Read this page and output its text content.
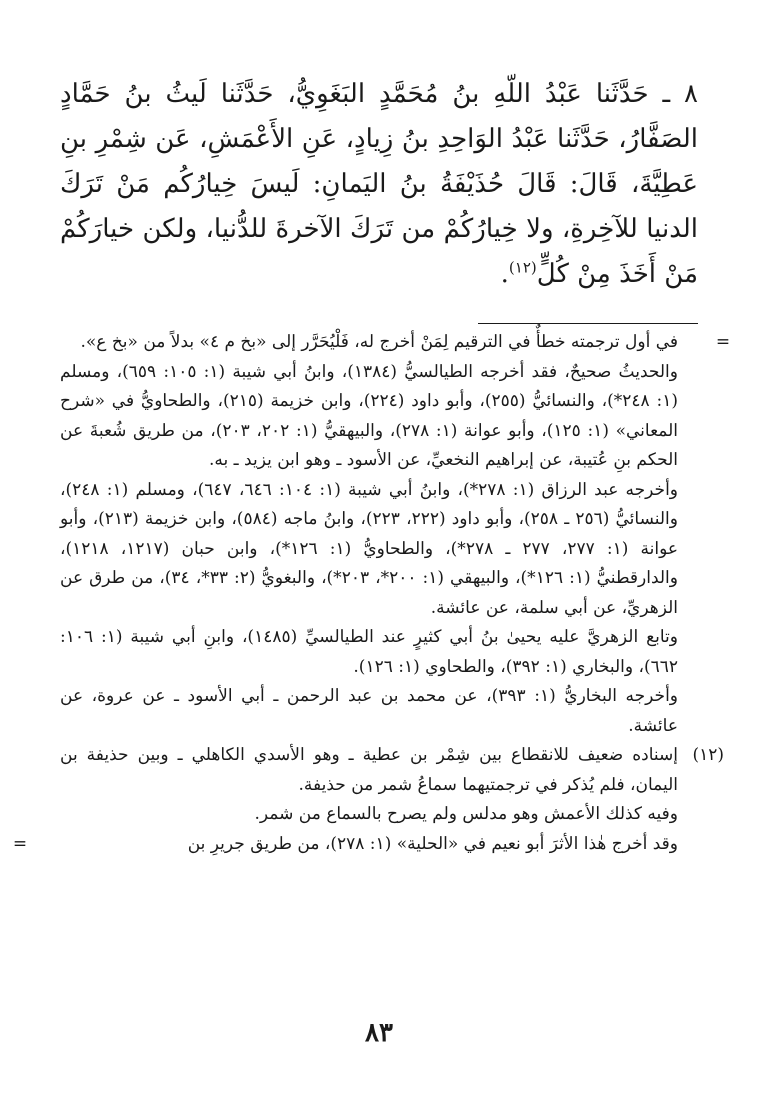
٨ ـ حَدَّثَنا عَبْدُ اللّهِ بنُ مُحَمَّدٍ البَغَوِيُّ، حَدَّثَنا لَيثُ بنُ حَمَّادٍ الصَفَّارُ، حَدَّثَنا عَبْدُ الوَاحِدِ بنُ زِيادٍ، عَنِ الأَعْمَشِ، عَن شِمْرِ بنِ عَطِيَّةَ، قَالَ: قَالَ حُذَيْفَةُ بنُ اليَمانِ: لَيسَ خِيارُكُم مَنْ تَرَكَ الدنيا للآخِرةِ، ولا خِيارُكُمْ من تَرَكَ الآخرةَ للدُّنيا، ولكن خيارَكُمْ مَنْ أَخَذَ مِنْ كُلٍّ$^{(١٢)}$.

=
في أول ترجمته خطأٌ في الترقيم لِمَنْ أخرج له، فَلْيُحَرَّر إلى «بخ م ٤» بدلاً من «بخ ع».

والحديثُ صحيحٌ، فقد أخرجه الطيالسيُّ (١٣٨٤)، وابنُ أبي شيبة (١: ١٠٥: ٦٥٩)، ومسلم (١: ٢٤٨*)، والنسائيُّ (٢٥٥)، وأبو داود (٢٢٤)، وابن خزيمة (٢١٥)، والطحاويُّ في «شرح المعاني» (١: ١٢٥)، وأبو عوانة (١: ٢٧٨)، والبيهقيُّ (١: ٢٠٢، ٢٠٣)، من طريق شُعبةَ عن الحكم بنِ عُتيبة، عن إبراهيم النخعيِّ، عن الأسود ـ وهو ابن يزيد ـ به.

وأخرجه عبد الرزاق (١: ٢٧٨*)، وابنُ أبي شيبة (١: ١٠٤: ٦٤٦، ٦٤٧)، ومسلم (١: ٢٤٨)، والنسائيُّ (٢٥٦ ـ ٢٥٨)، وأبو داود (٢٢٢، ٢٢٣)، وابنُ ماجه (٥٨٤)، وابن خزيمة (٢١٣)، وأبو عوانة (١: ٢٧٧، ٢٧٧ ـ ٢٧٨*)، والطحاويُّ (١: ١٢٦*)، وابن حبان (١٢١٧، ١٢١٨)، والدارقطنيُّ (١: ١٢٦*)، والبيهقي (١: ٢٠٠*، ٢٠٣*)، والبغويُّ (٢: ٣٣*، ٣٤)، من طرق عن الزهريِّ، عن أبي سلمة، عن عائشة.

وتابع الزهريَّ عليه يحيىٰ بنُ أبي كثيرٍ عند الطيالسيِّ (١٤٨٥)، وابنِ أبي شيبة (١: ١٠٦: ٦٦٢)، والبخاري (١: ٣٩٢)، والطحاوي (١: ١٢٦).

وأخرجه البخاريُّ (١: ٣٩٣)، عن محمد بن عبد الرحمن ـ أبي الأسود ـ عن عروة، عن عائشة.

(١٢)
إسناده ضعيف للانقطاع بين شِمْر بن عطية ـ وهو الأسدي الكاهلي ـ وبين حذيفة بن اليمان، فلم يُذكر في ترجمتيهما سماعُ شمر من حذيفة.

وفيه كذلك الأعمش وهو مدلس ولم يصرح بالسماع من شمر.

وقد أخرج هٰذا الأثرَ أبو نعيم في «الحلية» (١: ٢٧٨)، من طريق جريرِ بن
=

٨٣
